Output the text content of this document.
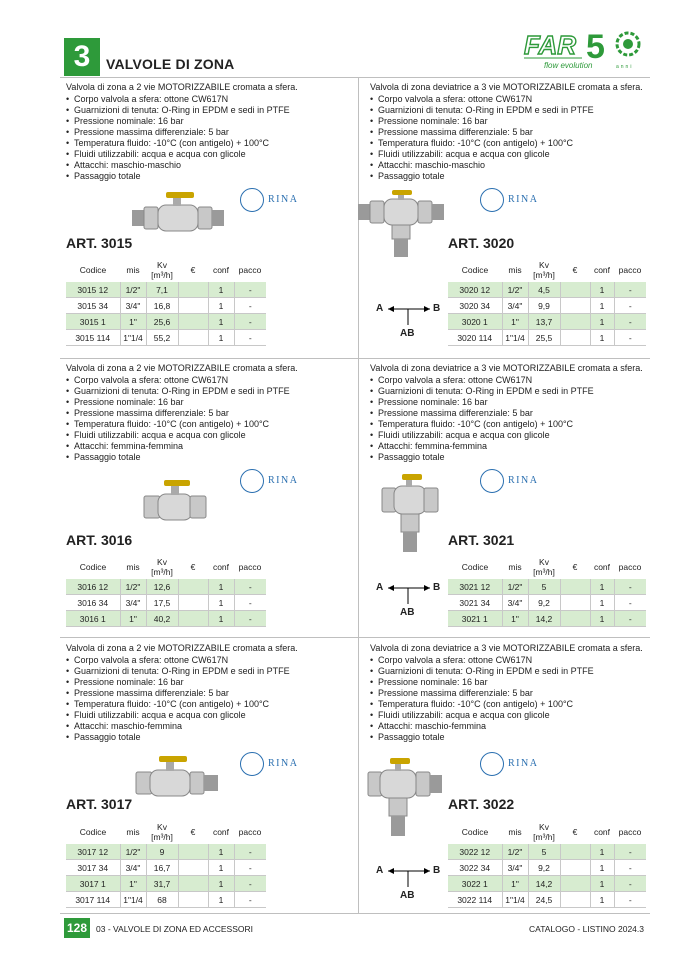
3	VALVOLE DI ZONA
FAR 5
flow evolution	anni
Valvola di zona a 2 vie MOTORIZZABILE cromata a sfera.
• Corpo valvola a sfera: ottone CW617N
• Guarnizioni di tenuta: O-Ring in EPDM e sedi in PTFE
• Pressione nominale: 16 bar
• Pressione massima differenziale: 5 bar
• Temperatura fluido: -10°C (con antigelo) + 100°C
• Fluidi utilizzabili: acqua e acqua con glicole
• Attacchi: maschio-maschio
• Passaggio totale
RINA
ART. 3015
Codice	mis	Kv
[m³/h]	€	conf	pacco
3015 12	1/2"	7,1		1	-
3015 34	3/4"	16,8		1	-
3015 1	1"	25,6		1	-
3015 114	1"1/4	55,2		1	-
Valvola di zona deviatrice a 3 vie MOTORIZZABILE cromata a sfera.
• Corpo valvola a sfera: ottone CW617N
• Guarnizioni di tenuta: O-Ring in EPDM e sedi in PTFE
• Pressione nominale: 16 bar
• Pressione massima differenziale: 5 bar
• Temperatura fluido: -10°C (con antigelo) + 100°C
• Fluidi utilizzabili: acqua e acqua con glicole
• Attacchi: maschio-maschio
• Passaggio totale
RINA
ART. 3020
A	B
AB
Codice	mis	Kv
[m³/h]	€	conf	pacco
3020 12	1/2"	4,5		1	-
3020 34	3/4"	9,9		1	-
3020 1	1"	13,7		1	-
3020 114	1"1/4	25,5		1	-
Valvola di zona a 2 vie MOTORIZZABILE cromata a sfera.
• Corpo valvola a sfera: ottone CW617N
• Guarnizioni di tenuta: O-Ring in EPDM e sedi in PTFE
• Pressione nominale: 16 bar
• Pressione massima differenziale: 5 bar
• Temperatura fluido: -10°C (con antigelo) + 100°C
• Fluidi utilizzabili: acqua e acqua con glicole
• Attacchi: femmina-femmina
• Passaggio totale
RINA
ART. 3016
Codice	mis	Kv
[m³/h]	€	conf	pacco
3016 12	1/2"	12,6		1	-
3016 34	3/4"	17,5		1	-
3016 1	1"	40,2		1	-
Valvola di zona deviatrice a 3 vie MOTORIZZABILE cromata a sfera.
• Corpo valvola a sfera: ottone CW617N
• Guarnizioni di tenuta: O-Ring in EPDM e sedi in PTFE
• Pressione nominale: 16 bar
• Pressione massima differenziale: 5 bar
• Temperatura fluido: -10°C (con antigelo) + 100°C
• Fluidi utilizzabili: acqua e acqua con glicole
• Attacchi: femmina-femmina
• Passaggio totale
RINA
ART. 3021
A	B
AB
Codice	mis	Kv
[m³/h]	€	conf	pacco
3021 12	1/2"	5		1	-
3021 34	3/4"	9,2		1	-
3021 1	1"	14,2		1	-
Valvola di zona a 2 vie MOTORIZZABILE cromata a sfera.
• Corpo valvola a sfera: ottone CW617N
• Guarnizioni di tenuta: O-Ring in EPDM e sedi in PTFE
• Pressione nominale: 16 bar
• Pressione massima differenziale: 5 bar
• Temperatura fluido: -10°C (con antigelo) + 100°C
• Fluidi utilizzabili: acqua e acqua con glicole
• Attacchi: maschio-femmina
• Passaggio totale
RINA
ART. 3017
Codice	mis	Kv
[m³/h]	€	conf	pacco
3017 12	1/2"	9		1	-
3017 34	3/4"	16,7		1	-
3017 1	1"	31,7		1	-
3017 114	1"1/4	68		1	-
Valvola di zona deviatrice a 3 vie MOTORIZZABILE cromata a sfera.
• Corpo valvola a sfera: ottone CW617N
• Guarnizioni di tenuta: O-Ring in EPDM e sedi in PTFE
• Pressione nominale: 16 bar
• Pressione massima differenziale: 5 bar
• Temperatura fluido: -10°C (con antigelo) + 100°C
• Fluidi utilizzabili: acqua e acqua con glicole
• Attacchi: maschio-femmina
• Passaggio totale
RINA
ART. 3022
A	B
AB
Codice	mis	Kv
[m³/h]	€	conf	pacco
3022 12	1/2"	5		1	-
3022 34	3/4"	9,2		1	-
3022 1	1"	14,2		1	-
3022 114	1"1/4	24,5		1	-
128	03 - VALVOLE DI ZONA ED ACCESSORI	CATALOGO - LISTINO 2024.3
